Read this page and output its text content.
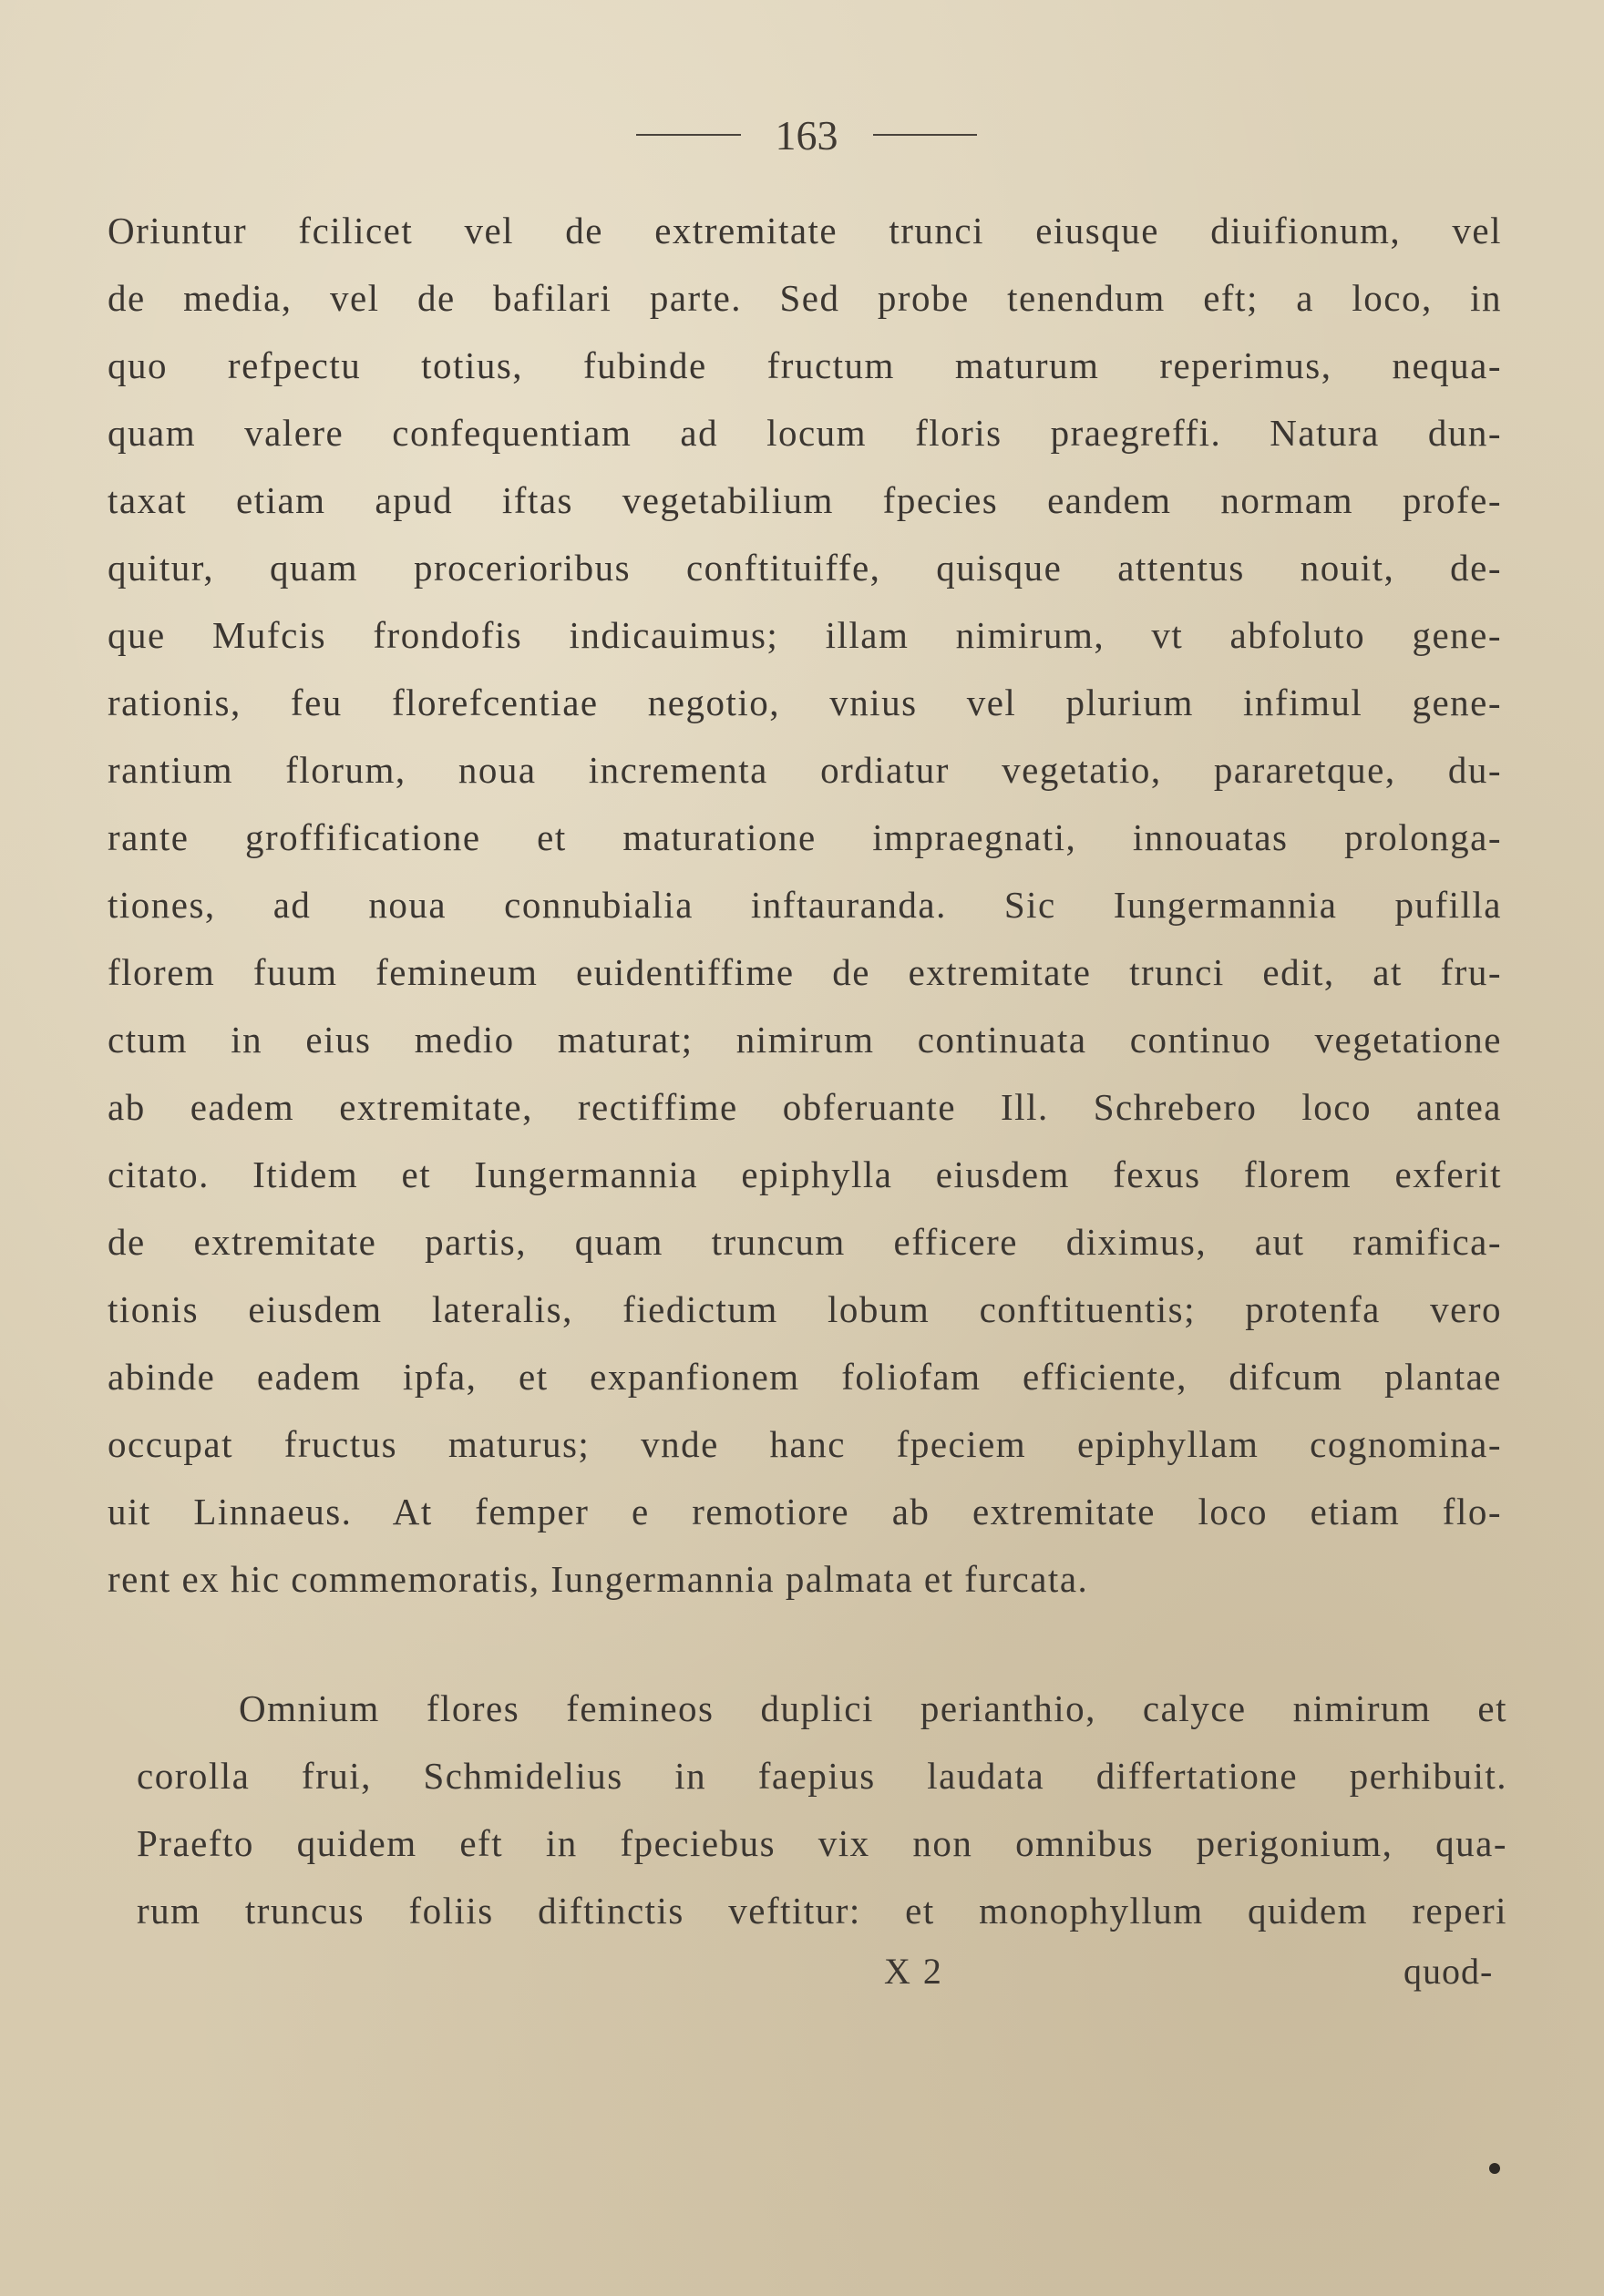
163
Oriuntur fcilicet vel de extremitate trunci eiusque diuifionum, vel
de media, vel de bafilari parte. Sed probe tenendum eft; a loco, in
quo refpectu totius, fubinde fructum maturum reperimus, nequa-
quam valere confequentiam ad locum floris praegreffi. Natura dun-
taxat etiam apud iftas vegetabilium fpecies eandem normam profe-
quitur, quam procerioribus conftituiffe, quisque attentus nouit, de-
que Mufcis frondofis indicauimus; illam nimirum, vt abfoluto gene-
rationis, feu florefcentiae negotio, vnius vel plurium infimul gene-
rantium florum, noua incrementa ordiatur vegetatio, pararetque, du-
rante groffificatione et maturatione impraegnati, innouatas prolonga-
tiones, ad noua connubialia inftauranda. Sic Iungermannia pufilla
florem fuum femineum euidentiffime de extremitate trunci edit, at fru-
ctum in eius medio maturat; nimirum continuata continuo vegetatione
ab eadem extremitate, rectiffime obferuante Ill. Schrebero loco antea
citato. Itidem et Iungermannia epiphylla eiusdem fexus florem exferit
de extremitate partis, quam truncum efficere diximus, aut ramifica-
tionis eiusdem lateralis, fiedictum lobum conftituentis; protenfa vero
abinde eadem ipfa, et expanfionem foliofam efficiente, difcum plantae
occupat fructus maturus; vnde hanc fpeciem epiphyllam cognomina-
uit Linnaeus. At femper e remotiore ab extremitate loco etiam flo-
rent ex hic commemoratis, Iungermannia palmata et furcata.
Omnium flores femineos duplici perianthio, calyce nimirum et
corolla frui, Schmidelius in faepius laudata differtatione perhibuit.
Praefto quidem eft in fpeciebus vix non omnibus perigonium, qua-
rum truncus foliis diftinctis veftitur: et monophyllum quidem reperi
X 2	quod-
